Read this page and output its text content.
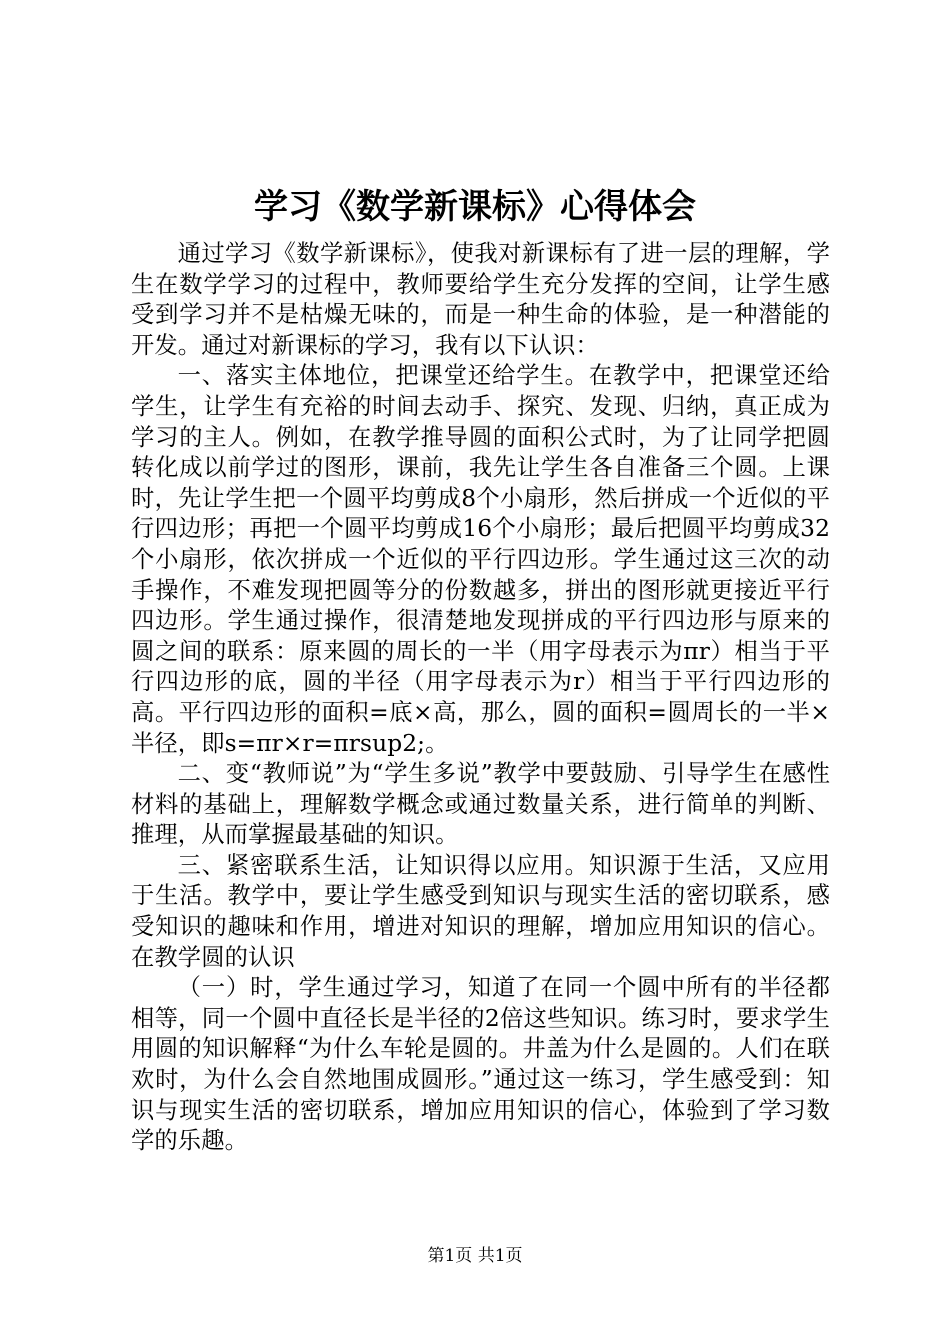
学习《数学新课标》心得体会

通过学习《数学新课标》，使我对新课标有了进一层的理解，学生在数学学习的过程中，教师要给学生充分发挥的空间，让学生感受到学习并不是枯燥无味的，而是一种生命的体验，是一种潜能的开发。通过对新课标的学习，我有以下认识：

一、落实主体地位，把课堂还给学生。在教学中，把课堂还给学生，让学生有充裕的时间去动手、探究、发现、归纳，真正成为学习的主人。例如，在教学推导圆的面积公式时，为了让同学把圆转化成以前学过的图形，课前，我先让学生各自准备三个圆。上课时，先让学生把一个圆平均剪成8个小扇形，然后拼成一个近似的平行四边形；再把一个圆平均剪成16个小扇形；最后把圆平均剪成32个小扇形，依次拼成一个近似的平行四边形。学生通过这三次的动手操作，不难发现把圆等分的份数越多，拼出的图形就更接近平行四边形。学生通过操作，很清楚地发现拼成的平行四边形与原来的圆之间的联系：原来圆的周长的一半（用字母表示为πr）相当于平行四边形的底，圆的半径（用字母表示为r）相当于平行四边形的高。平行四边形的面积=底×高，那么，圆的面积=圆周长的一半×半径，即s=πr×r=πrsup2;。

二、变“教师说”为“学生多说”教学中要鼓励、引导学生在感性材料的基础上，理解数学概念或通过数量关系，进行简单的判断、推理，从而掌握最基础的知识。

三、紧密联系生活，让知识得以应用。知识源于生活，又应用于生活。教学中，要让学生感受到知识与现实生活的密切联系，感受知识的趣味和作用，增进对知识的理解，增加应用知识的信心。在教学圆的认识

（一）时，学生通过学习，知道了在同一个圆中所有的半径都相等，同一个圆中直径长是半径的2倍这些知识。练习时，要求学生用圆的知识解释“为什么车轮是圆的。井盖为什么是圆的。人们在联欢时，为什么会自然地围成圆形。”通过这一练习，学生感受到：知识与现实生活的密切联系，增加应用知识的信心，体验到了学习数学的乐趣。

第1页 共1页
